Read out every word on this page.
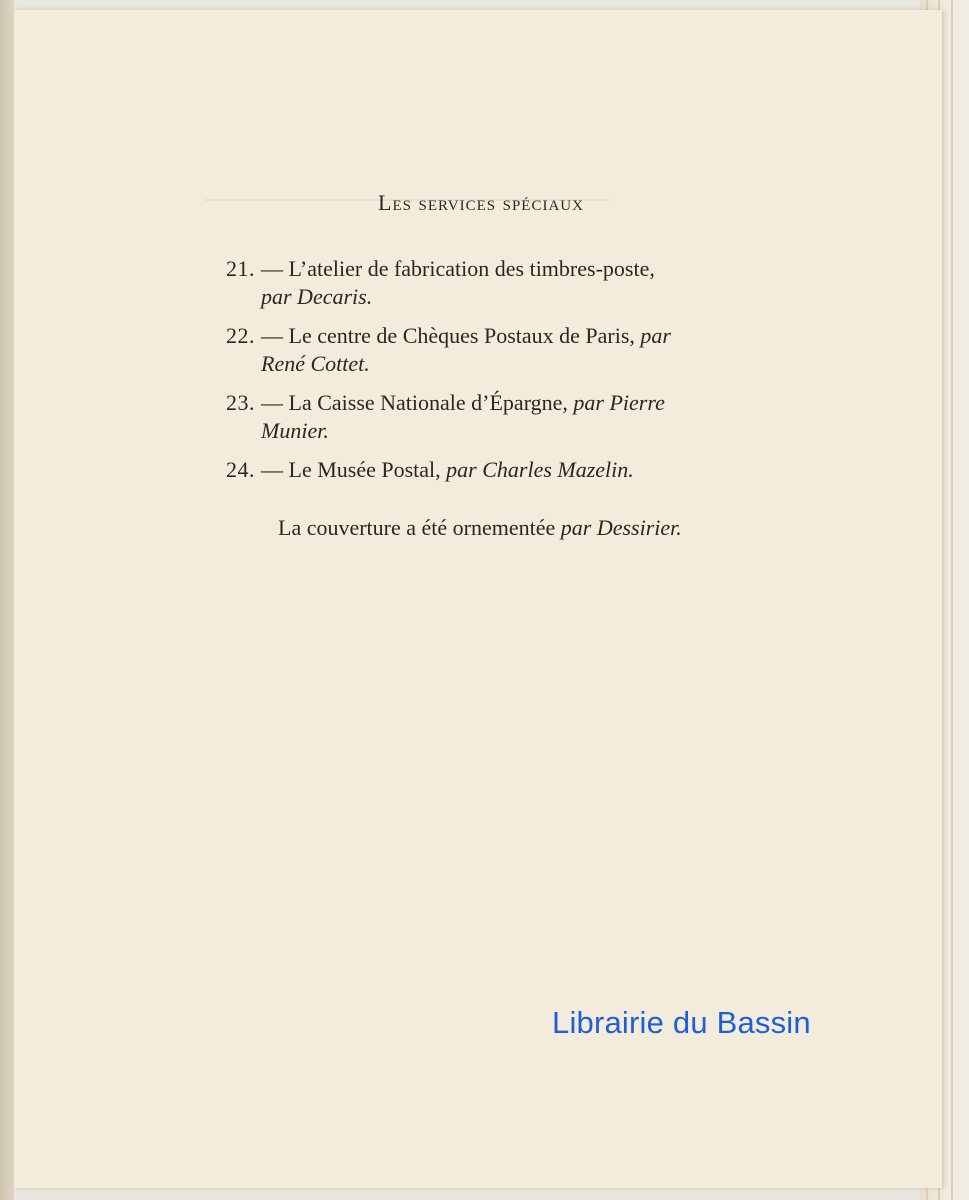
Les services spéciaux
21. — L’atelier de fabrication des timbres-poste,
par Decaris.
22. — Le centre de Chèques Postaux de Paris, par
René Cottet.
23. — La Caisse Nationale d’Épargne, par Pierre
Munier.
24. — Le Musée Postal, par Charles Mazelin.
La couverture a été ornementée par Dessirier.
Librairie du Bassin
